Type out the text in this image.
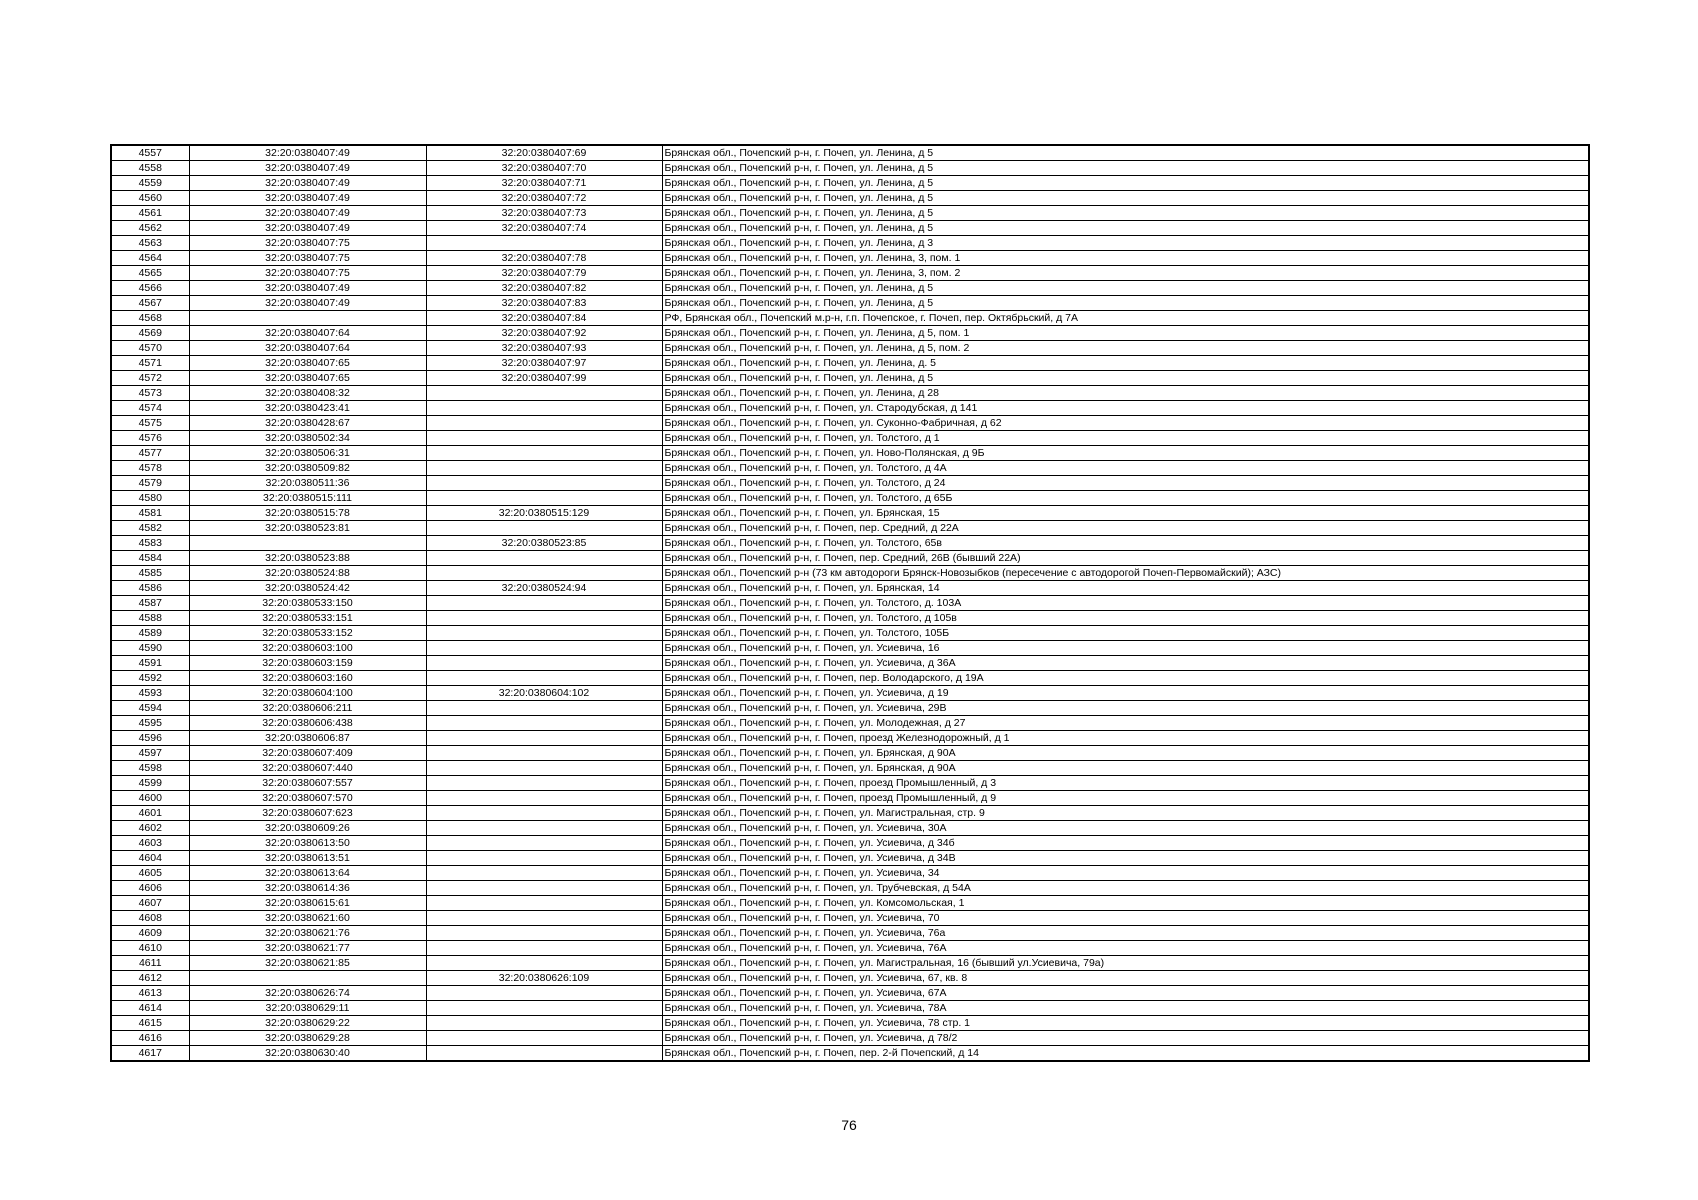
4557	32:20:0380407:49	32:20:0380407:69	Брянская обл., Почепский р-н, г. Почеп, ул. Ленина, д 5
4558	32:20:0380407:49	32:20:0380407:70	Брянская обл., Почепский р-н, г. Почеп, ул. Ленина, д 5
4559	32:20:0380407:49	32:20:0380407:71	Брянская обл., Почепский р-н, г. Почеп, ул. Ленина, д 5
4560	32:20:0380407:49	32:20:0380407:72	Брянская обл., Почепский р-н, г. Почеп, ул. Ленина, д 5
4561	32:20:0380407:49	32:20:0380407:73	Брянская обл., Почепский р-н, г. Почеп, ул. Ленина, д 5
4562	32:20:0380407:49	32:20:0380407:74	Брянская обл., Почепский р-н, г. Почеп, ул. Ленина, д 5
4563	32:20:0380407:75		Брянская обл., Почепский р-н, г. Почеп, ул. Ленина, д 3
4564	32:20:0380407:75	32:20:0380407:78	Брянская обл., Почепский р-н, г. Почеп, ул. Ленина, 3, пом. 1
4565	32:20:0380407:75	32:20:0380407:79	Брянская обл., Почепский р-н, г. Почеп, ул. Ленина, 3, пом. 2
4566	32:20:0380407:49	32:20:0380407:82	Брянская обл., Почепский р-н, г. Почеп, ул. Ленина, д 5
4567	32:20:0380407:49	32:20:0380407:83	Брянская обл., Почепский р-н, г. Почеп, ул. Ленина, д 5
4568		32:20:0380407:84	РФ, Брянская обл., Почепский м.р-н, г.п. Почепское, г. Почеп, пер. Октябрьский, д 7А
4569	32:20:0380407:64	32:20:0380407:92	Брянская обл., Почепский р-н, г. Почеп, ул. Ленина, д 5, пом. 1
4570	32:20:0380407:64	32:20:0380407:93	Брянская обл., Почепский р-н, г. Почеп, ул. Ленина, д 5, пом. 2
4571	32:20:0380407:65	32:20:0380407:97	Брянская обл., Почепский р-н, г. Почеп, ул. Ленина, д. 5
4572	32:20:0380407:65	32:20:0380407:99	Брянская обл., Почепский р-н, г. Почеп, ул. Ленина, д 5
4573	32:20:0380408:32		Брянская обл., Почепский р-н, г. Почеп, ул. Ленина, д 28
4574	32:20:0380423:41		Брянская обл., Почепский р-н, г. Почеп, ул. Стародубская, д 141
4575	32:20:0380428:67		Брянская обл., Почепский р-н, г. Почеп, ул. Суконно-Фабричная, д 62
4576	32:20:0380502:34		Брянская обл., Почепский р-н, г. Почеп, ул. Толстого, д 1
4577	32:20:0380506:31		Брянская обл., Почепский р-н, г. Почеп, ул. Ново-Полянская, д 9Б
4578	32:20:0380509:82		Брянская обл., Почепский р-н, г. Почеп, ул. Толстого, д 4А
4579	32:20:0380511:36		Брянская обл., Почепский р-н, г. Почеп, ул. Толстого, д 24
4580	32:20:0380515:111		Брянская обл., Почепский р-н, г. Почеп, ул. Толстого, д 65Б
4581	32:20:0380515:78	32:20:0380515:129	Брянская обл., Почепский р-н, г. Почеп, ул. Брянская, 15
4582	32:20:0380523:81		Брянская обл., Почепский р-н, г. Почеп, пер. Средний, д 22А
4583		32:20:0380523:85	Брянская обл., Почепский р-н, г. Почеп, ул. Толстого, 65в
4584	32:20:0380523:88		Брянская обл., Почепский р-н, г. Почеп, пер. Средний, 26В (бывший 22А)
4585	32:20:0380524:88		Брянская обл., Почепский р-н (73 км автодороги Брянск-Новозыбков (пересечение с автодорогой Почеп-Первомайский); АЗС)
4586	32:20:0380524:42	32:20:0380524:94	Брянская обл., Почепский р-н, г. Почеп, ул. Брянская, 14
4587	32:20:0380533:150		Брянская обл., Почепский р-н, г. Почеп, ул. Толстого, д. 103А
4588	32:20:0380533:151		Брянская обл., Почепский р-н, г. Почеп, ул. Толстого, д 105в
4589	32:20:0380533:152		Брянская обл., Почепский р-н, г. Почеп, ул. Толстого, 105Б
4590	32:20:0380603:100		Брянская обл., Почепский р-н, г. Почеп, ул. Усиевича, 16
4591	32:20:0380603:159		Брянская обл., Почепский р-н, г. Почеп, ул. Усиевича, д 36А
4592	32:20:0380603:160		Брянская обл., Почепский р-н, г. Почеп, пер. Володарского, д 19А
4593	32:20:0380604:100	32:20:0380604:102	Брянская обл., Почепский р-н, г. Почеп, ул. Усиевича, д 19
4594	32:20:0380606:211		Брянская обл., Почепский р-н, г. Почеп, ул. Усиевича, 29В
4595	32:20:0380606:438		Брянская обл., Почепский р-н, г. Почеп, ул. Молодежная, д 27
4596	32:20:0380606:87		Брянская обл., Почепский р-н, г. Почеп, проезд Железнодорожный, д 1
4597	32:20:0380607:409		Брянская обл., Почепский р-н, г. Почеп, ул. Брянская, д 90А
4598	32:20:0380607:440		Брянская обл., Почепский р-н, г. Почеп, ул. Брянская, д 90А
4599	32:20:0380607:557		Брянская обл., Почепский р-н, г. Почеп, проезд Промышленный, д 3
4600	32:20:0380607:570		Брянская обл., Почепский р-н, г. Почеп, проезд Промышленный, д 9
4601	32:20:0380607:623		Брянская обл., Почепский р-н, г. Почеп, ул. Магистральная, стр. 9
4602	32:20:0380609:26		Брянская обл., Почепский р-н, г. Почеп, ул. Усиевича, 30А
4603	32:20:0380613:50		Брянская обл., Почепский р-н, г. Почеп, ул. Усиевича, д 34б
4604	32:20:0380613:51		Брянская обл., Почепский р-н, г. Почеп, ул. Усиевича, д 34В
4605	32:20:0380613:64		Брянская обл., Почепский р-н, г. Почеп, ул. Усиевича, 34
4606	32:20:0380614:36		Брянская обл., Почепский р-н, г. Почеп, ул. Трубчевская, д 54А
4607	32:20:0380615:61		Брянская обл., Почепский р-н, г. Почеп, ул. Комсомольская, 1
4608	32:20:0380621:60		Брянская обл., Почепский р-н, г. Почеп, ул. Усиевича, 70
4609	32:20:0380621:76		Брянская обл., Почепский р-н, г. Почеп, ул. Усиевича, 76а
4610	32:20:0380621:77		Брянская обл., Почепский р-н, г. Почеп, ул. Усиевича, 76А
4611	32:20:0380621:85		Брянская обл., Почепский р-н, г. Почеп, ул. Магистральная, 16 (бывший ул.Усиевича, 79а)
4612		32:20:0380626:109	Брянская обл., Почепский р-н, г. Почеп, ул. Усиевича, 67, кв. 8
4613	32:20:0380626:74		Брянская обл., Почепский р-н, г. Почеп, ул. Усиевича, 67А
4614	32:20:0380629:11		Брянская обл., Почепский р-н, г. Почеп, ул. Усиевича, 78А
4615	32:20:0380629:22		Брянская обл., Почепский р-н, г. Почеп, ул. Усиевича, 78 стр. 1
4616	32:20:0380629:28		Брянская обл., Почепский р-н, г. Почеп, ул. Усиевича, д 78/2
4617	32:20:0380630:40		Брянская обл., Почепский р-н, г. Почеп, пер. 2-й Почепский, д 14
76
